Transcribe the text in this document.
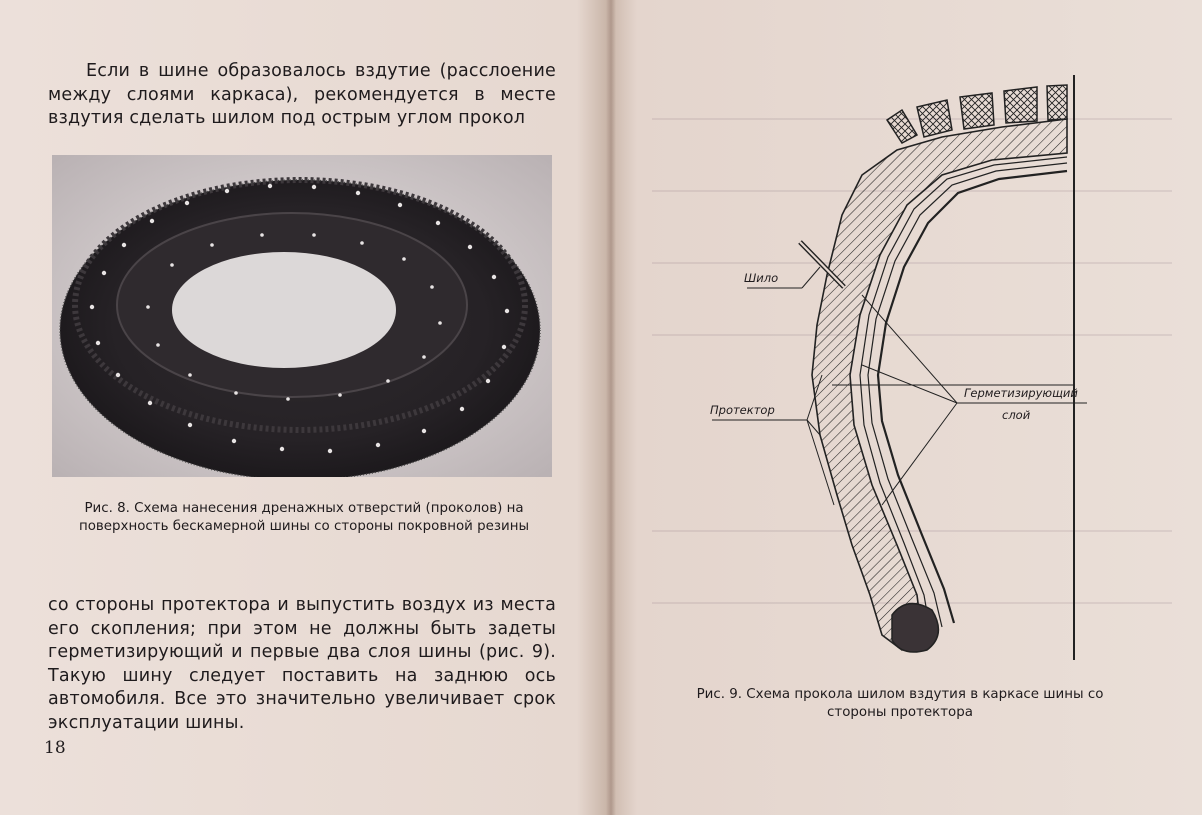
Если в шине образовалось вздутие (расслоение между слоями каркаса), рекомендуется в месте вздутия сделать шилом под острым углом прокол

Рис. 8. Схема нанесения дренажных отверстий (проколов) на поверхность бескамерной шины со стороны покровной резины

со стороны протектора и выпустить воздух из места его скопления; при этом не должны быть задеты герметизирующий и первые два слоя шины (рис. 9). Такую шину следует поставить на заднюю ось автомобиля. Все это значительно увеличивает срок эксплуатации шины.

18
Шило
Протектор
Герметизирующий
слой
Рис. 9. Схема прокола шилом вздутия в каркасе шины со стороны протектора
